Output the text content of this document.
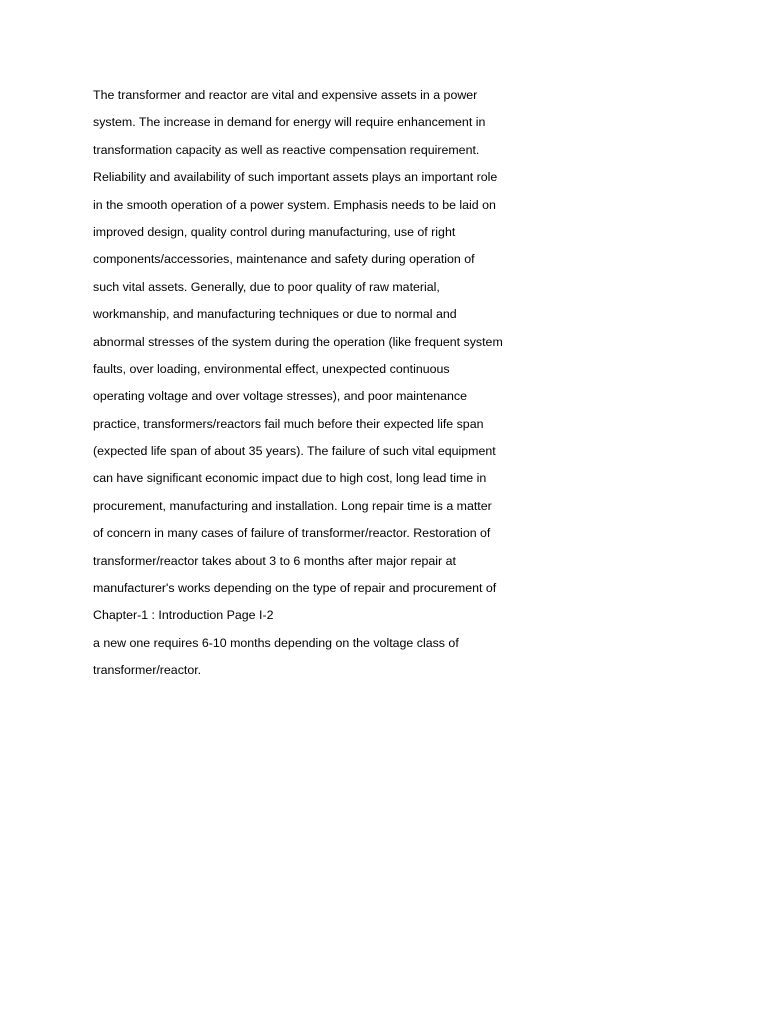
The transformer and reactor are vital and expensive assets in a power
system. The increase in demand for energy will require enhancement in
transformation capacity as well as reactive compensation requirement.
Reliability and availability of such important assets plays an important role
in the smooth operation of a power system. Emphasis needs to be laid on
improved design, quality control during manufacturing, use of right
components/accessories, maintenance and safety during operation of
such vital assets. Generally, due to poor quality of raw material,
workmanship, and manufacturing techniques or due to normal and
abnormal stresses of the system during the operation (like frequent system
faults, over loading, environmental effect, unexpected continuous
operating voltage and over voltage stresses), and poor maintenance
practice, transformers/reactors fail much before their expected life span
(expected life span of about 35 years). The failure of such vital equipment
can have significant economic impact due to high cost, long lead time in
procurement, manufacturing and installation. Long repair time is a matter
of concern in many cases of failure of transformer/reactor. Restoration of
transformer/reactor takes about 3 to 6 months after major repair at
manufacturer's works depending on the type of repair and procurement of
Chapter-1 : Introduction Page I-2
a new one requires 6-10 months depending on the voltage class of
transformer/reactor.
